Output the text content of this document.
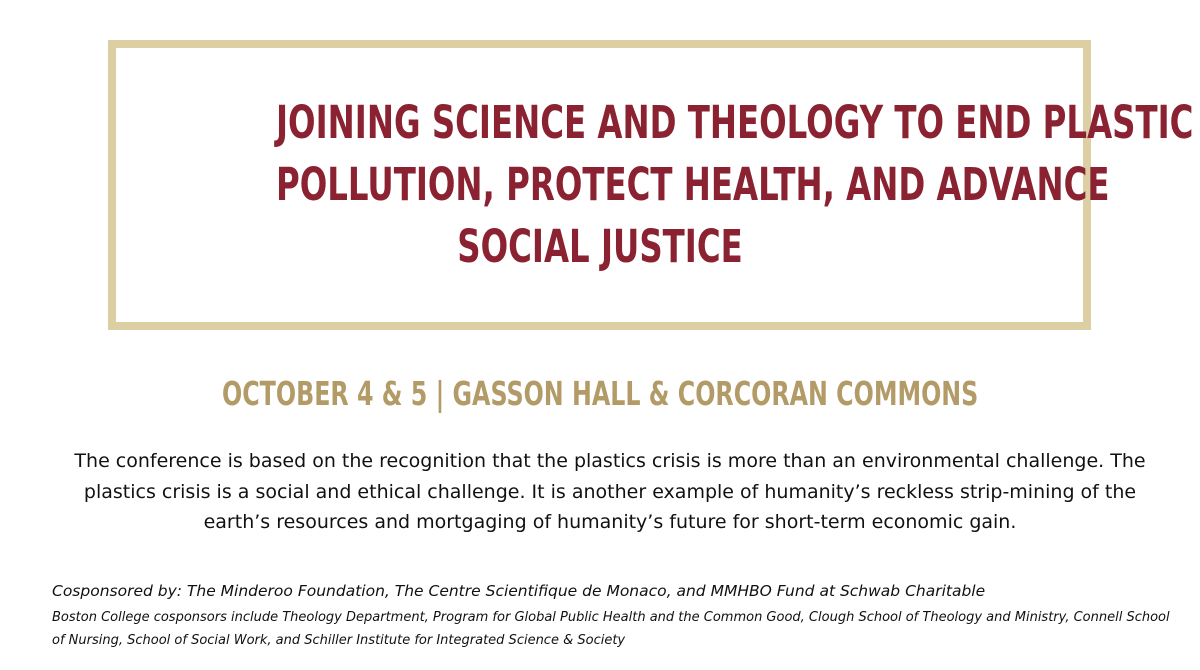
JOINING SCIENCE AND THEOLOGY TO END PLASTIC
POLLUTION, PROTECT HEALTH, AND ADVANCE
SOCIAL JUSTICE
OCTOBER 4 & 5 | GASSON HALL & CORCORAN COMMONS

The conference is based on the recognition that the plastics crisis is more than an environmental challenge. The plastics crisis is a social and ethical challenge. It is another example of humanity’s reckless strip-mining of the earth’s resources and mortgaging of humanity’s future for short-term economic gain.

Cosponsored by: The Minderoo Foundation, The Centre Scientifique de Monaco, and MMHBO Fund at Schwab Charitable

Boston College cosponsors include Theology Department, Program for Global Public Health and the Common Good, Clough School of Theology and Ministry, Connell School of Nursing, School of Social Work, and Schiller Institute for Integrated Science & Society
